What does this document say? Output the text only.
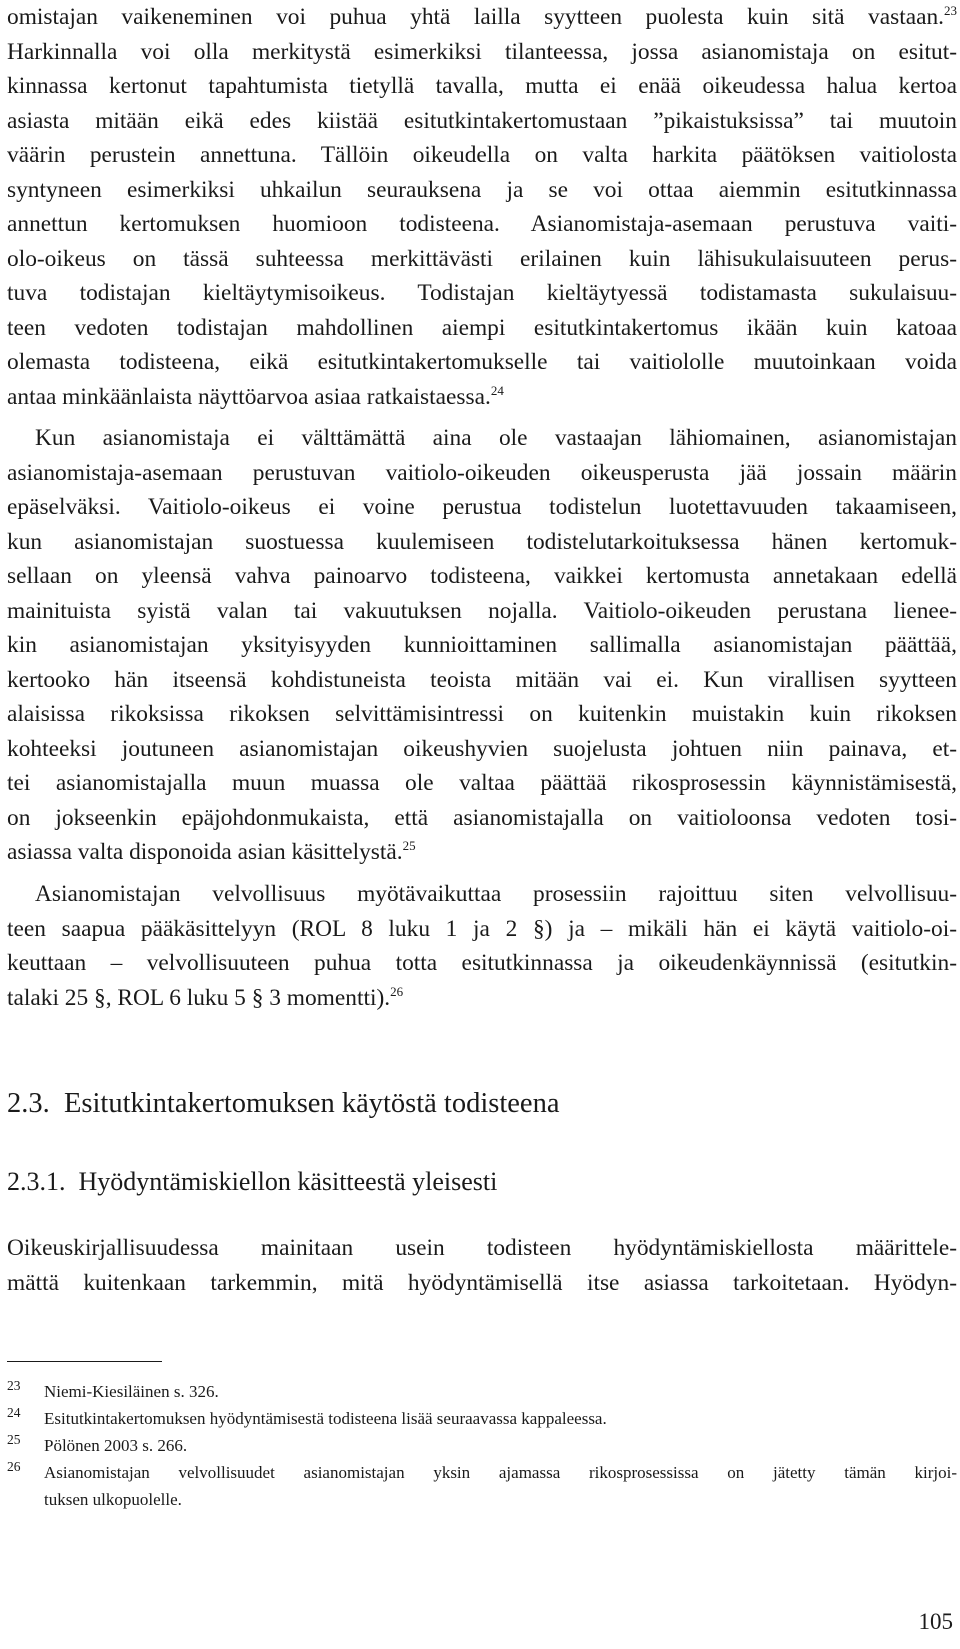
omistajan vaikeneminen voi puhua yhtä lailla syytteen puolesta kuin sitä vastaan.$^{23}$
Harkinnalla voi olla merkitystä esimerkiksi tilanteessa, jossa asianomistaja on esitut-
kinnassa kertonut tapahtumista tietyllä tavalla, mutta ei enää oikeudessa halua kertoa
asiasta mitään eikä edes kiistää esitutkintakertomustaan ”pikaistuksissa” tai muutoin
väärin perustein annettuna. Tällöin oikeudella on valta harkita päätöksen vaitiolosta
syntyneen esimerkiksi uhkailun seurauksena ja se voi ottaa aiemmin esitutkinnassa
annettun kertomuksen huomioon todisteena. Asianomistaja-asemaan perustuva vaiti-
olo-oikeus on tässä suhteessa merkittävästi erilainen kuin lähisukulaisuuteen perus-
tuva todistajan kieltäytymisoikeus. Todistajan kieltäytyessä todistamasta sukulaisuu-
teen vedoten todistajan mahdollinen aiempi esitutkintakertomus ikään kuin katoaa
olemasta todisteena, eikä esitutkintakertomukselle tai vaitiololle muutoinkaan voida
antaa minkäänlaista näyttöarvoa asiaa ratkaistaessa.$^{24}$
Kun asianomistaja ei välttämättä aina ole vastaajan lähiomainen, asianomistajan
asianomistaja-asemaan perustuvan vaitiolo-oikeuden oikeusperusta jää jossain määrin
epäselväksi. Vaitiolo-oikeus ei voine perustua todistelun luotettavuuden takaamiseen,
kun asianomistajan suostuessa kuulemiseen todistelutarkoituksessa hänen kertomuk-
sellaan on yleensä vahva painoarvo todisteena, vaikkei kertomusta annetakaan edellä
mainituista syistä valan tai vakuutuksen nojalla. Vaitiolo-oikeuden perustana lienee-
kin asianomistajan yksityisyyden kunnioittaminen sallimalla asianomistajan päättää,
kertooko hän itseensä kohdistuneista teoista mitään vai ei. Kun virallisen syytteen
alaisissa rikoksissa rikoksen selvittämisintressi on kuitenkin muistakin kuin rikoksen
kohteeksi joutuneen asianomistajan oikeushyvien suojelusta johtuen niin painava, et-
tei asianomistajalla muun muassa ole valtaa päättää rikosprosessin käynnistämisestä,
on jokseenkin epäjohdonmukaista, että asianomistajalla on vaitioloonsa vedoten tosi-
asiassa valta disponoida asian käsittelystä.$^{25}$
Asianomistajan velvollisuus myötävaikuttaa prosessiin rajoittuu siten velvollisuu-
teen saapua pääkäsittelyyn (ROL 8 luku 1 ja 2 §) ja – mikäli hän ei käytä vaitiolo-oi-
keuttaan – velvollisuuteen puhua totta esitutkinnassa ja oikeudenkäynnissä (esitutkin-
talaki 25 §, ROL 6 luku 5 § 3 momentti).$^{26}$
2.3. Esitutkintakertomuksen käytöstä todisteena
2.3.1. Hyödyntämiskiellon käsitteestä yleisesti
Oikeuskirjallisuudessa mainitaan usein todisteen hyödyntämiskiellosta määrittele-
mättä kuitenkaan tarkemmin, mitä hyödyntämisellä itse asiassa tarkoitetaan. Hyödyn-
23 Niemi-Kiesiläinen s. 326.
24 Esitutkintakertomuksen hyödyntämisestä todisteena lisää seuraavassa kappaleessa.
25 Pölönen 2003 s. 266.
26 Asianomistajan velvollisuudet asianomistajan yksin ajamassa rikosprosessissa on jätetty tämän kirjoi-
tuksen ulkopuolelle.
105
